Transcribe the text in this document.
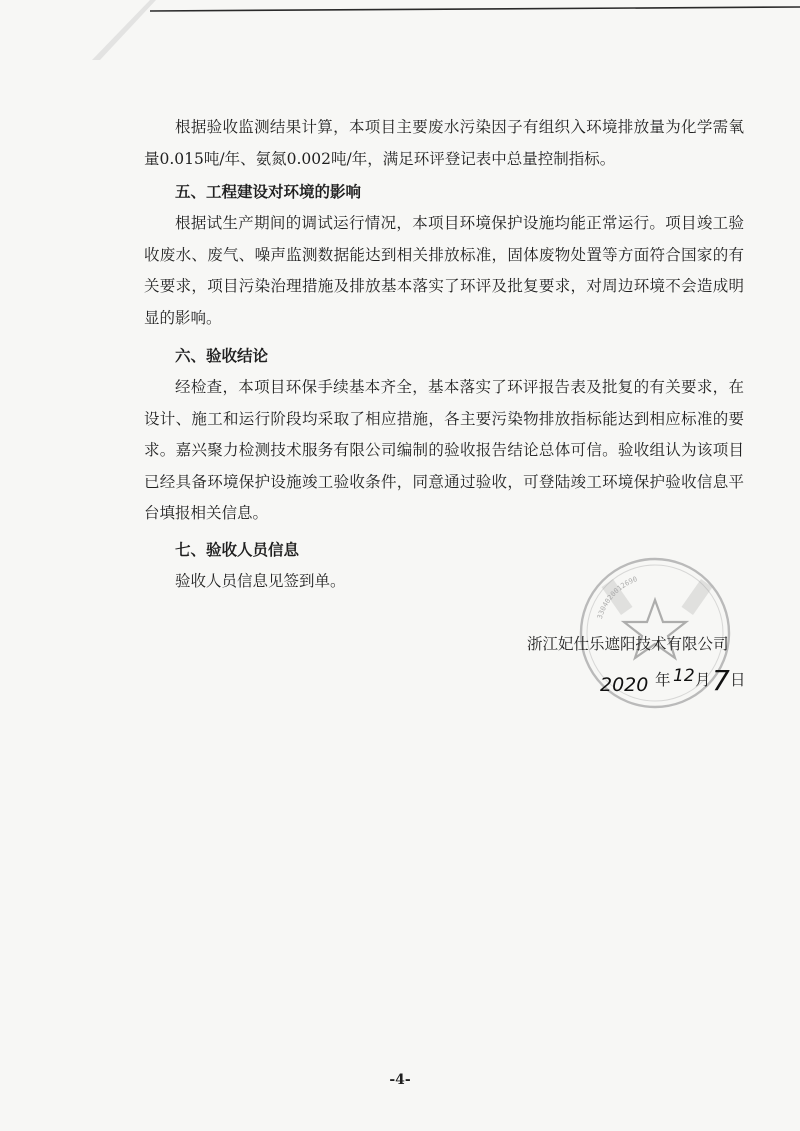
根据验收监测结果计算，本项目主要废水污染因子有组织入环境排放量为化学需氧量0.015吨/年、氨氮0.002吨/年，满足环评登记表中总量控制指标。

五、工程建设对环境的影响

根据试生产期间的调试运行情况，本项目环境保护设施均能正常运行。项目竣工验收废水、废气、噪声监测数据能达到相关排放标准，固体废物处置等方面符合国家的有关要求，项目污染治理措施及排放基本落实了环评及批复要求，对周边环境不会造成明显的影响。

六、验收结论

经检查，本项目环保手续基本齐全，基本落实了环评报告表及批复的有关要求，在设计、施工和运行阶段均采取了相应措施，各主要污染物排放指标能达到相应标准的要求。嘉兴聚力检测技术服务有限公司编制的验收报告结论总体可信。验收组认为该项目已经具备环境保护设施竣工验收条件，同意通过验收，可登陆竣工环境保护验收信息平台填报相关信息。

七、验收人员信息

验收人员信息见签到单。

3304020012690
浙江妃仕乐遮阳技术有限公司
2020 年 12 月 7 日
-4-
